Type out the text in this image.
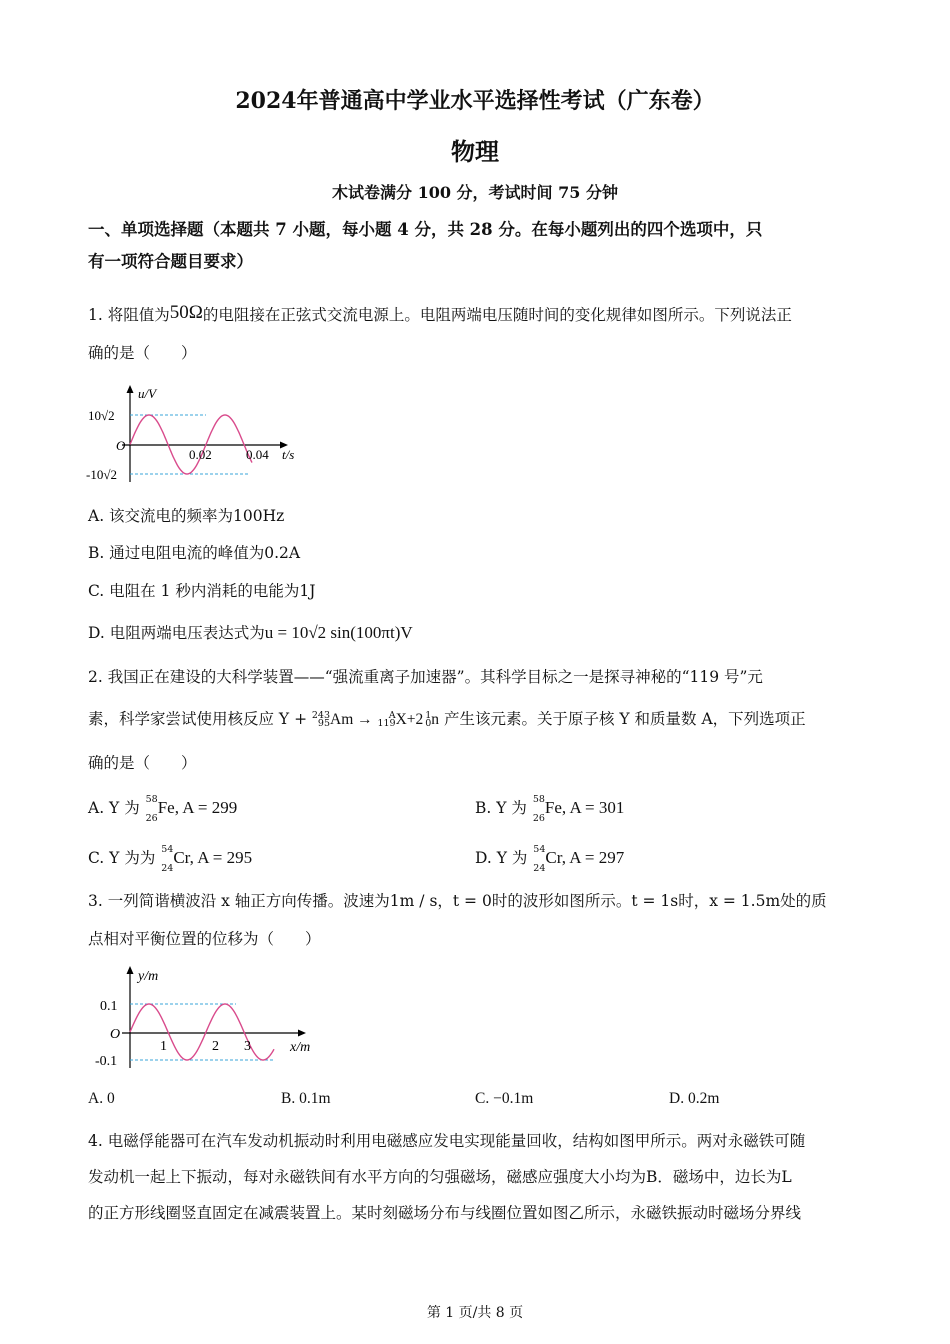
2024年普通高中学业水平选择性考试（广东卷）
物理
木试卷满分 100 分，考试时间 75 分钟
一、单项选择题（本题共 7 小题，每小题 4 分，共 28 分。在每小题列出的四个选项中，只
有一项符合题目要求）
1. 将阻值为50Ω的电阻接在正弦式交流电源上。电阻两端电压随时间的变化规律如图所示。下列说法正
确的是（　　）
u/V
10√2
O
0.02	0.04 t/s
-10√2
A. 该交流电的频率为100Hz
B. 通过电阻电流的峰值为0.2A
C. 电阻在 1 秒内消耗的电能为1J
D. 电阻两端电压表达式为u = 10√2 sin(100πt)V
2. 我国正在建设的大科学装置——“强流重离子加速器”。其科学目标之一是探寻神秘的“119 号”元
素，科学家尝试使用核反应 Y + 243
95 Am → A
119 X+2 1
0 n 产生该元素。关于原子核 Y 和质量数 A，下列选项正
确的是（　　）
A. Y 为 58
26
Fe, A = 299	B. Y 为 58
26
Fe, A = 301
C. Y 为为 54
24
Cr, A = 295	D. Y 为 54
24
Cr, A = 297
3. 一列简谐横波沿 x 轴正方向传播。波速为1m / s，t = 0时的波形如图所示。t = 1s时，x = 1.5m处的质
点相对平衡位置的位移为（　　）
y/m
0.1
O
1	2 3	x/m
-0.1
A. 0	B. 0.1m	C. −0.1m	D. 0.2m
4. 电磁俘能器可在汽车发动机振动时利用电磁感应发电实现能量回收，结构如图甲所示。两对永磁铁可随
发动机一起上下振动，每对永磁铁间有水平方向的匀强磁场，磁感应强度大小均为B．磁场中，边长为L
的正方形线圈竖直固定在减震装置上。某时刻磁场分布与线圈位置如图乙所示，永磁铁振动时磁场分界线
第 1 页/共 8 页
